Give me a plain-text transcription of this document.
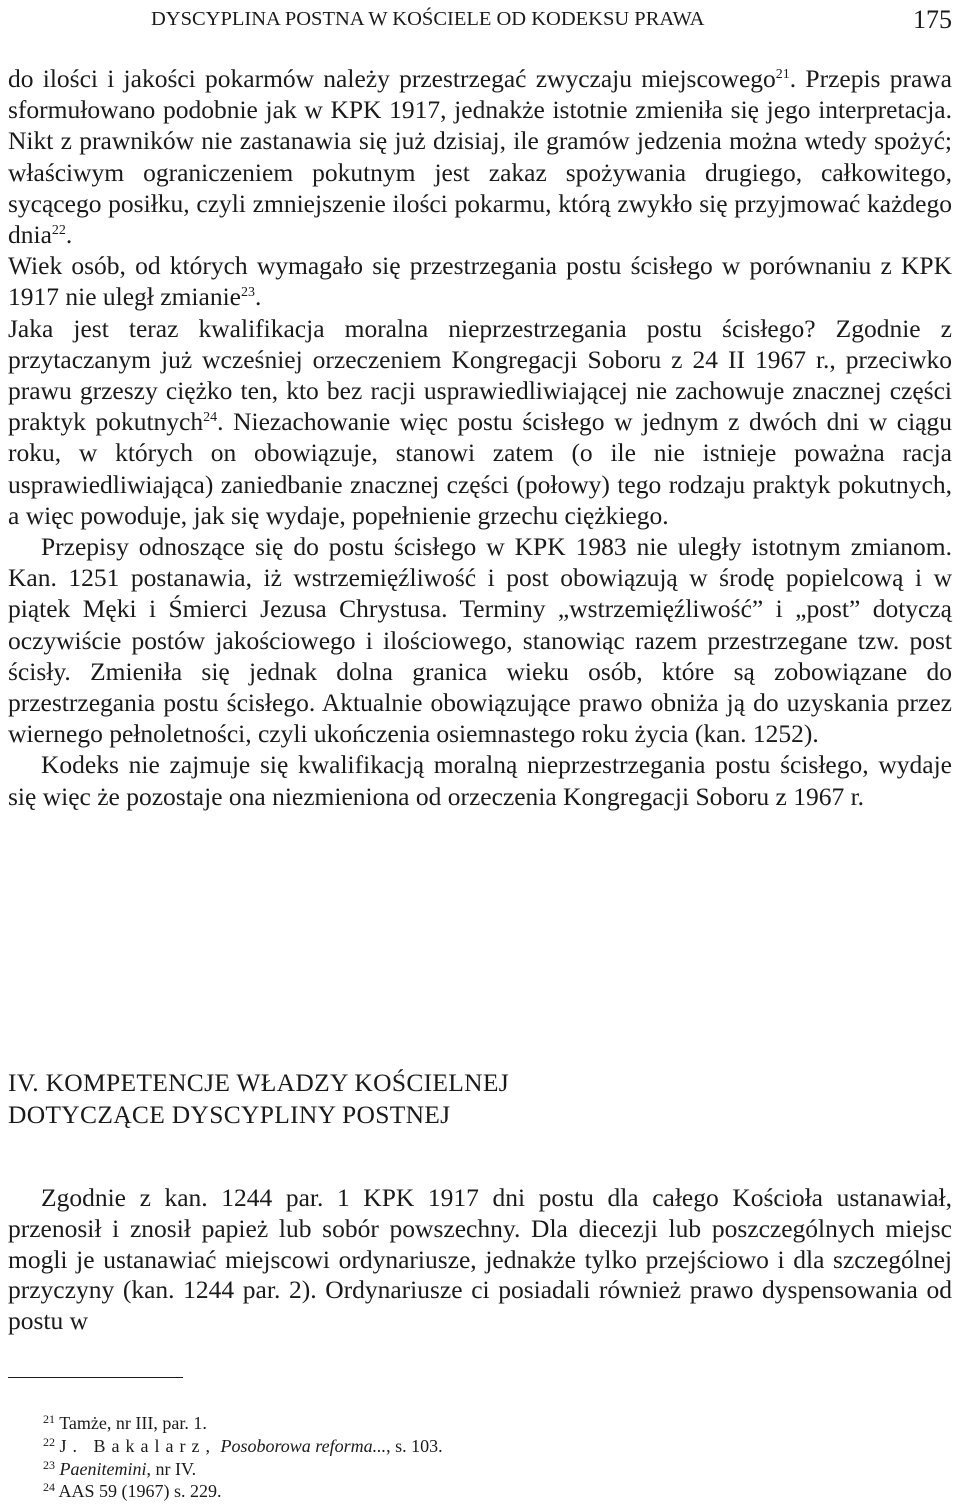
DYSCYPLINA POSTNA W KOŚCIELE OD KODEKSU PRAWA	175

do ilości i jakości pokarmów należy przestrzegać zwyczaju miejscowego$^{21}$. Przepis prawa sformułowano podobnie jak w KPK 1917, jednakże istotnie zmieniła się jego interpretacja. Nikt z prawników nie zastanawia się już dzisiaj, ile gramów jedzenia można wtedy spożyć; właściwym ograniczeniem pokutnym jest zakaz spożywania drugiego, całkowitego, sycącego posiłku, czyli zmniejszenie ilości pokarmu, którą zwykło się przyjmować każdego dnia$^{22}$.

Wiek osób, od których wymagało się przestrzegania postu ścisłego w porównaniu z KPK 1917 nie uległ zmianie$^{23}$.

Jaka jest teraz kwalifikacja moralna nieprzestrzegania postu ścisłego? Zgodnie z przytaczanym już wcześniej orzeczeniem Kongregacji Soboru z 24 II 1967 r., przeciwko prawu grzeszy ciężko ten, kto bez racji usprawiedliwiającej nie zachowuje znacznej części praktyk pokutnych$^{24}$. Niezachowanie więc postu ścisłego w jednym z dwóch dni w ciągu roku, w których on obowiązuje, stanowi zatem (o ile nie istnieje poważna racja usprawiedliwiająca) zaniedbanie znacznej części (połowy) tego rodzaju praktyk pokutnych, a więc powoduje, jak się wydaje, popełnienie grzechu ciężkiego.

Przepisy odnoszące się do postu ścisłego w KPK 1983 nie uległy istotnym zmianom. Kan. 1251 postanawia, iż wstrzemięźliwość i post obowiązują w środę popielcową i w piątek Męki i Śmierci Jezusa Chrystusa. Terminy „wstrzemięźliwość” i „post” dotyczą oczywiście postów jakościowego i ilościowego, stanowiąc razem przestrzegane tzw. post ścisły. Zmieniła się jednak dolna granica wieku osób, które są zobowiązane do przestrzegania postu ścisłego. Aktualnie obowiązujące prawo obniża ją do uzyskania przez wiernego pełnoletności, czyli ukończenia osiemnastego roku życia (kan. 1252).

Kodeks nie zajmuje się kwalifikacją moralną nieprzestrzegania postu ścisłego, wydaje się więc że pozostaje ona niezmieniona od orzeczenia Kongregacji Soboru z 1967 r.

IV. KOMPETENCJE WŁADZY KOŚCIELNEJ
DOTYCZĄCE DYSCYPLINY POSTNEJ

Zgodnie z kan. 1244 par. 1 KPK 1917 dni postu dla całego Kościoła ustanawiał, przenosił i znosił papież lub sobór powszechny. Dla diecezji lub poszczególnych miejsc mogli je ustanawiać miejscowi ordynariusze, jednakże tylko przejściowo i dla szczególnej przyczyny (kan. 1244 par. 2). Ordynariusze ci posiadali również prawo dyspensowania od postu w

$^{21}$ Tamże, nr III, par. 1.
$^{22}$ J. Bakalarz, Posoborowa reforma..., s. 103.
$^{23}$ Paenitemini, nr IV.
$^{24}$ AAS 59 (1967) s. 229.
